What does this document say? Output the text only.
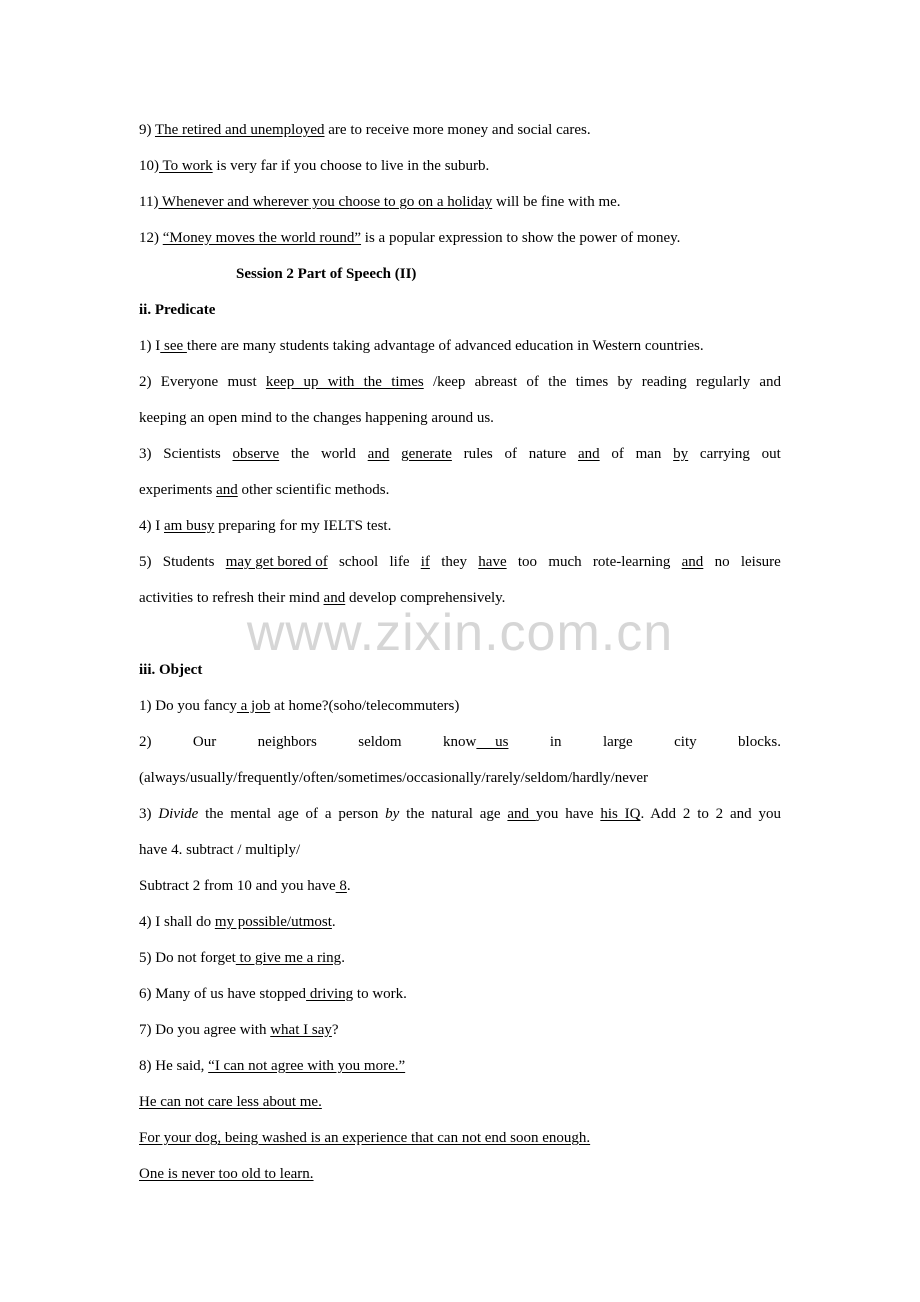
9) The retired and unemployed are to receive more money and social cares.
10) To work is very far if you choose to live in the suburb.
11) Whenever and wherever you choose to go on a holiday will be fine with me.
12) “Money moves the world round” is a popular expression to show the power of money.
Session 2 Part of Speech (II)
ii. Predicate
1) I see there are many students taking advantage of advanced education in Western countries.
2) Everyone must keep up with the times /keep abreast of the times by reading regularly and
keeping an open mind to the changes happening around us.
3) Scientists observe the world and generate rules of nature and of man by carrying out
experiments and other scientific methods.
4) I am busy preparing for my IELTS test.
5) Students may get bored of school life if they have too much rote-learning and no leisure
activities to refresh their mind and develop comprehensively.
iii. Object
1) Do you fancy a job at home?(soho/telecommuters)
2)	Our	neighbors	seldom	know     us	in	large	city	blocks.
(always/usually/frequently/often/sometimes/occasionally/rarely/seldom/hardly/never
3) Divide the mental age of a person by the natural age and you have his IQ. Add 2 to 2 and you
have 4. subtract / multiply/
Subtract 2 from 10 and you have 8.
4) I shall do my possible/utmost.
5) Do not forget to give me a ring.
6) Many of us have stopped driving to work.
7) Do you agree with what I say?
8) He said, “I can not agree with you more.”
He can not care less about me.
For your dog, being washed is an experience that can not end soon enough.
One is never too old to learn.
www.zixin.com.cn
